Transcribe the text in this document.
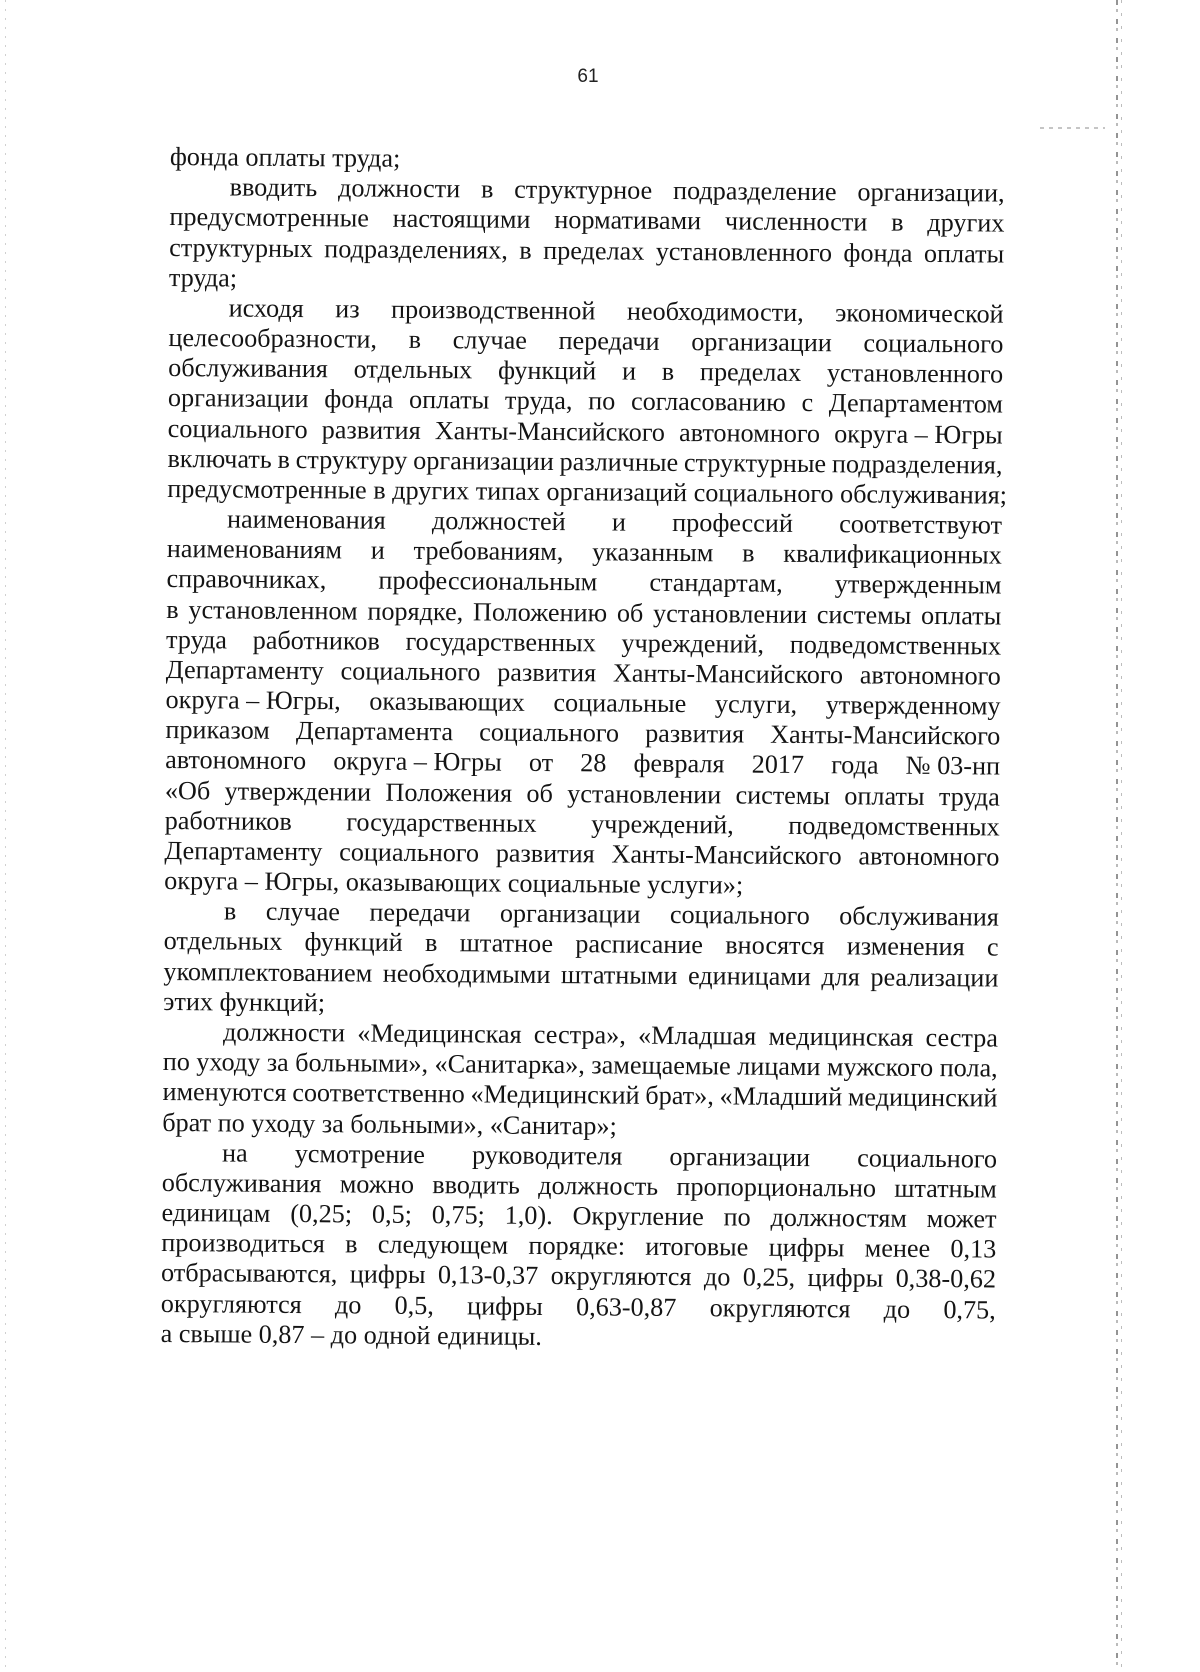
61
фонда оплаты труда;
вводить должности в структурное подразделение организации,
предусмотренные настоящими нормативами численности в других
структурных подразделениях, в пределах установленного фонда оплаты
труда;
исходя из производственной необходимости, экономической
целесообразности, в случае передачи организации социального
обслуживания отдельных функций и в пределах установленного
организации фонда оплаты труда, по согласованию с Департаментом
социального развития Ханты-Мансийского автономного округа – Югры
включать в структуру организации различные структурные подразделения,
предусмотренные в других типах организаций социального обслуживания;
наименования должностей и профессий соответствуют
наименованиям и требованиям, указанным в квалификационных
справочниках, профессиональным стандартам, утвержденным
в установленном порядке, Положению об установлении системы оплаты
труда работников государственных учреждений, подведомственных
Департаменту социального развития Ханты-Мансийского автономного
округа – Югры, оказывающих социальные услуги, утвержденному
приказом Департамента социального развития Ханты-Мансийского
автономного округа – Югры от 28 февраля 2017 года № 03-нп
«Об утверждении Положения об установлении системы оплаты труда
работников государственных учреждений, подведомственных
Департаменту социального развития Ханты-Мансийского автономного
округа – Югры, оказывающих социальные услуги»;
в случае передачи организации социального обслуживания
отдельных функций в штатное расписание вносятся изменения с
укомплектованием необходимыми штатными единицами для реализации
этих функций;
должности «Медицинская сестра», «Младшая медицинская сестра
по уходу за больными», «Санитарка», замещаемые лицами мужского пола,
именуются соответственно «Медицинский брат», «Младший медицинский
брат по уходу за больными», «Санитар»;
на усмотрение руководителя организации социального
обслуживания можно вводить должность пропорционально штатным
единицам (0,25; 0,5; 0,75; 1,0). Округление по должностям может
производиться в следующем порядке: итоговые цифры менее 0,13
отбрасываются, цифры 0,13-0,37 округляются до 0,25, цифры 0,38-0,62
округляются до 0,5, цифры 0,63-0,87 округляются до 0,75,
а свыше 0,87 – до одной единицы.
